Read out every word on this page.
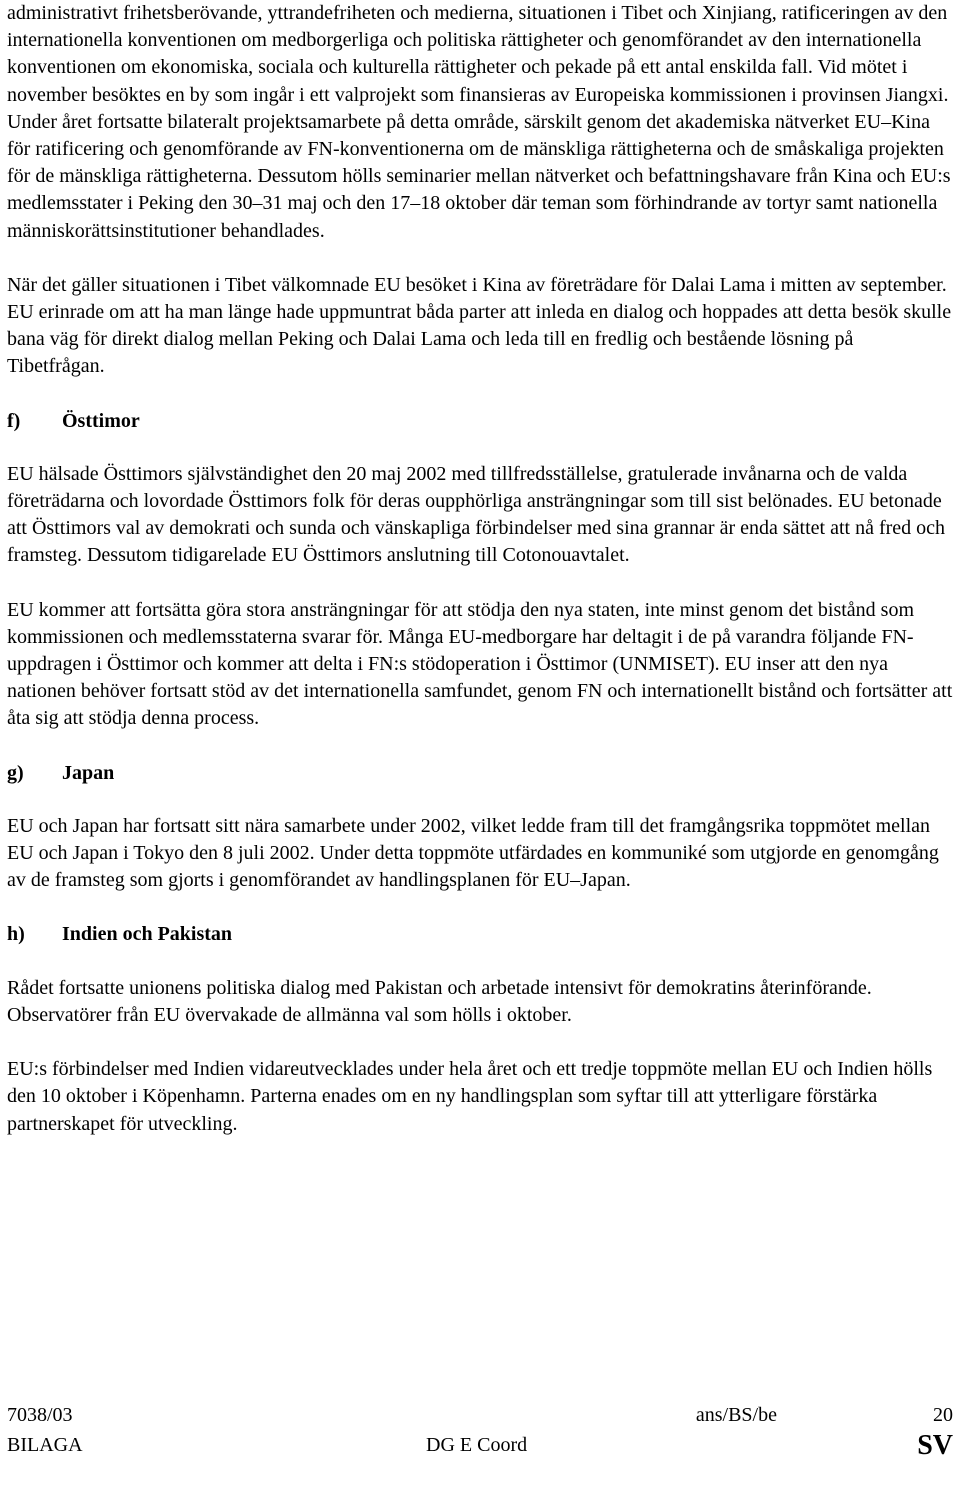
administrativt frihetsberövande, yttrandefriheten och medierna, situationen i Tibet och Xinjiang, ratificeringen av den internationella konventionen om medborgerliga och politiska rättigheter och genomförandet av den internationella konventionen om ekonomiska, sociala och kulturella rättigheter och pekade på ett antal enskilda fall. Vid mötet i november besöktes en by som ingår i ett valprojekt som finansieras av Europeiska kommissionen i provinsen Jiangxi. Under året fortsatte bilateralt projektsamarbete på detta område, särskilt genom det akademiska nätverket EU–Kina för ratificering och genomförande av FN-konventionerna om de mänskliga rättigheterna och de småskaliga projekten för de mänskliga rättigheterna. Dessutom hölls seminarier mellan nätverket och befattningshavare från Kina och EU:s medlemsstater i Peking den 30–31 maj och den 17–18 oktober där teman som förhindrande av tortyr samt nationella människorättsinstitutioner behandlades.

När det gäller situationen i Tibet välkomnade EU besöket i Kina av företrädare för Dalai Lama i mitten av september. EU erinrade om att ha man länge hade uppmuntrat båda parter att inleda en dialog och hoppades att detta besök skulle bana väg för direkt dialog mellan Peking och Dalai Lama och leda till en fredlig och bestående lösning på Tibetfrågan.

f)	Östtimor

EU hälsade Östtimors självständighet den 20 maj 2002 med tillfredsställelse, gratulerade invånarna och de valda företrädarna och lovordade Östtimors folk för deras oupphörliga ansträngningar som till sist belönades. EU betonade att Östtimors val av demokrati och sunda och vänskapliga förbindelser med sina grannar är enda sättet att nå fred och framsteg. Dessutom tidigarelade EU Östtimors anslutning till Cotonouavtalet.

EU kommer att fortsätta göra stora ansträngningar för att stödja den nya staten, inte minst genom det bistånd som kommissionen och medlemsstaterna svarar för. Många EU-medborgare har deltagit i de på varandra följande FN-uppdragen i Östtimor och kommer att delta i FN:s stödoperation i Östtimor (UNMISET). EU inser att den nya nationen behöver fortsatt stöd av det internationella samfundet, genom FN och internationellt bistånd och fortsätter att åta sig att stödja denna process.

g)	Japan

EU och Japan har fortsatt sitt nära samarbete under 2002, vilket ledde fram till det framgångsrika toppmötet mellan EU och Japan i Tokyo den 8 juli 2002. Under detta toppmöte utfärdades en kommuniké som utgjorde en genomgång av de framsteg som gjorts i genomförandet av handlingsplanen för EU–Japan.

h)	Indien och Pakistan

Rådet fortsatte unionens politiska dialog med Pakistan och arbetade intensivt för demokratins återinförande. Observatörer från EU övervakade de allmänna val som hölls i oktober.

EU:s förbindelser med Indien vidareutvecklades under hela året och ett tredje toppmöte mellan EU och Indien hölls den 10 oktober i Köpenhamn. Parterna enades om en ny handlingsplan som syftar till att ytterligare förstärka partnerskapet för utveckling.

7038/03	ans/BS/be	20
BILAGA	DG E Coord	SV
